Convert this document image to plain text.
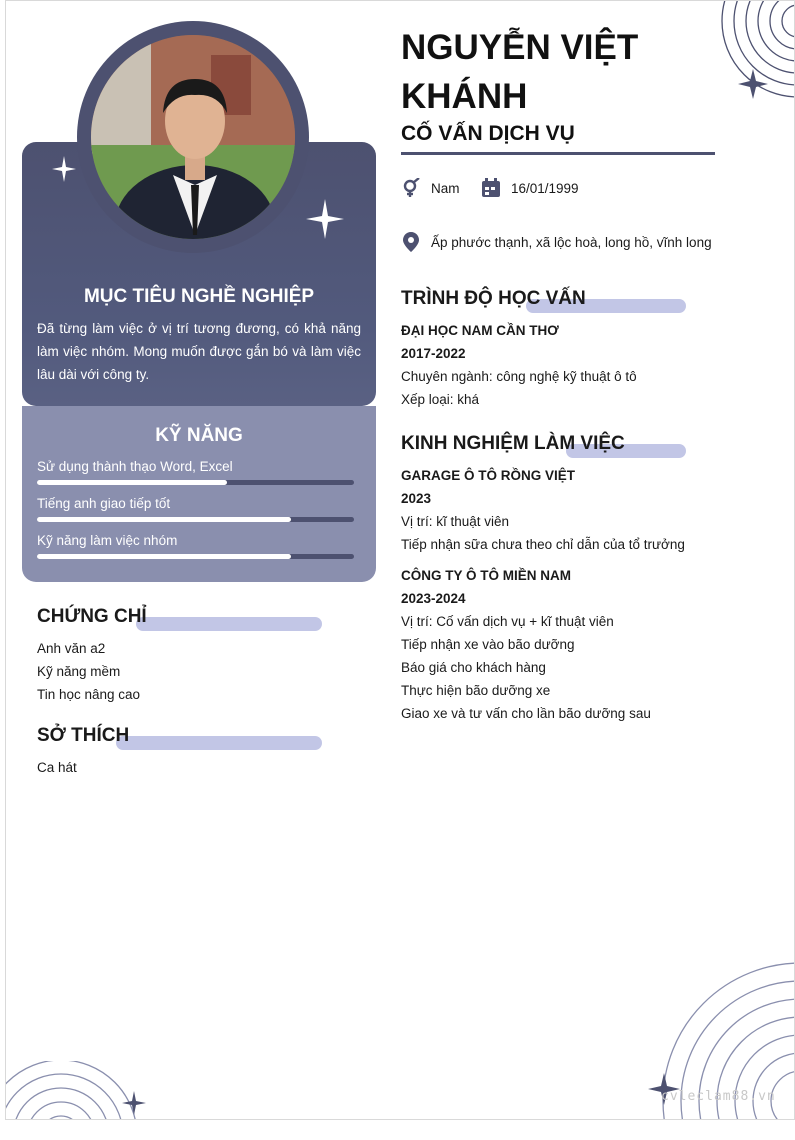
MỤC TIÊU NGHỀ NGHIỆP
Đã từng làm việc ở vị trí tương đương, có khả năng làm việc nhóm. Mong muốn được gắn bó và làm việc lâu dài với công ty.
KỸ NĂNG
Sử dụng thành thạo Word, Excel
Tiếng anh giao tiếp tốt
Kỹ năng làm việc nhóm
CHỨNG CHỈ
Anh văn a2
Kỹ năng mềm
Tin học nâng cao
SỞ THÍCH
Ca hát
NGUYỄN VIỆT KHÁNH
CỐ VẤN DỊCH VỤ
Nam	16/01/1999
Ấp phước thạnh, xã lộc hoà, long hồ, vĩnh long
TRÌNH ĐỘ HỌC VẤN
ĐẠI HỌC NAM CẦN THƠ
2017-2022
Chuyên ngành: công nghệ kỹ thuật ô tô
Xếp loại: khá
KINH NGHIỆM LÀM VIỆC
GARAGE Ô TÔ RỒNG VIỆT
2023
Vị trí: kĩ thuật viên
Tiếp nhận sữa chưa theo chỉ dẫn của tổ trưởng
CÔNG TY Ô TÔ MIỀN NAM
2023-2024
Vị trí: Cố vấn dịch vụ + kĩ thuật viên
Tiếp nhận xe vào bão dưỡng
Báo giá cho khách hàng
Thực hiện bão dưỡng xe
Giao xe và tư vấn cho lần bão dưỡng sau
cvleclam88.vn
